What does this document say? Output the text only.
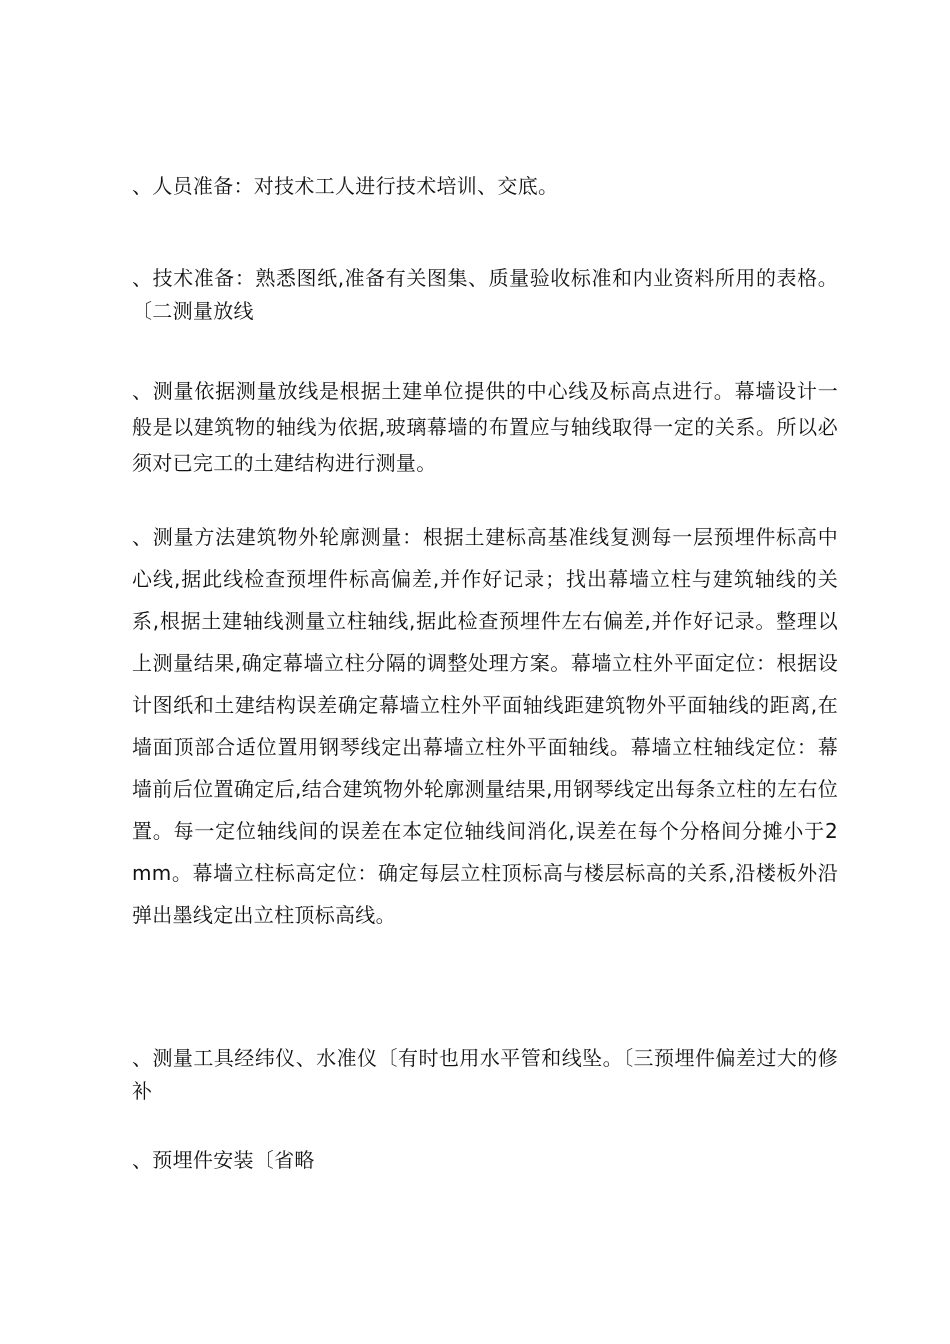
、人员准备：对技术工人进行技术培训、交底。

、技术准备：熟悉图纸,准备有关图集、质量验收标准和内业资料所用的表格。〔二测量放线

、测量依据测量放线是根据土建单位提供的中心线及标高点进行。幕墙设计一般是以建筑物的轴线为依据,玻璃幕墙的布置应与轴线取得一定的关系。所以必须对已完工的土建结构进行测量。

、测量方法建筑物外轮廓测量：根据土建标高基准线复测每一层预埋件标高中心线,据此线检查预埋件标高偏差,并作好记录；找出幕墙立柱与建筑轴线的关系,根据土建轴线测量立柱轴线,据此检查预埋件左右偏差,并作好记录。整理以上测量结果,确定幕墙立柱分隔的调整处理方案。幕墙立柱外平面定位：根据设计图纸和土建结构误差确定幕墙立柱外平面轴线距建筑物外平面轴线的距离,在墙面顶部合适位置用钢琴线定出幕墙立柱外平面轴线。幕墙立柱轴线定位：幕墙前后位置确定后,结合建筑物外轮廓测量结果,用钢琴线定出每条立柱的左右位置。每一定位轴线间的误差在本定位轴线间消化,误差在每个分格间分摊小于2mm。幕墙立柱标高定位：确定每层立柱顶标高与楼层标高的关系,沿楼板外沿弹出墨线定出立柱顶标高线。

、测量工具经纬仪、水准仪〔有时也用水平管和线坠。〔三预埋件偏差过大的修补

、预埋件安装〔省略
